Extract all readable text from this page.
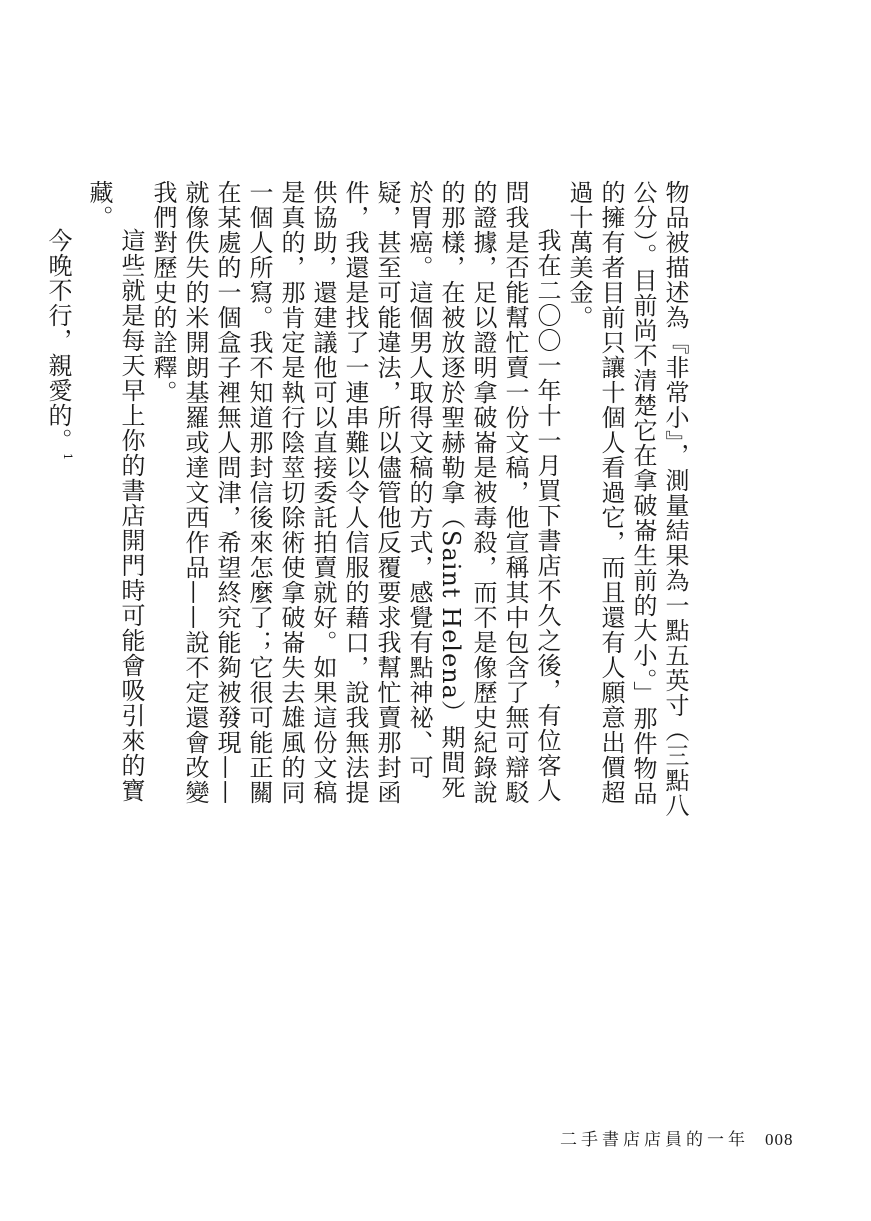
物品被描述為『非常小』，測量結果為一點五英寸（三點八公分）。目前尚不清楚它在拿破崙生前的大小。」那件物品的擁有者目前只讓十個人看過它，而且還有人願意出價超過十萬美金。

我在二〇〇一年十一月買下書店不久之後，有位客人問我是否能幫忙賣一份文稿，他宣稱其中包含了無可辯駁的證據，足以證明拿破崙是被毒殺，而不是像歷史紀錄說的那樣，在被放逐於聖赫勒拿（Saint Helena）期間死於胃癌。這個男人取得文稿的方式，感覺有點神祕、可疑，甚至可能違法，所以儘管他反覆要求我幫忙賣那封函件，我還是找了一連串難以令人信服的藉口，說我無法提供協助，還建議他可以直接委託拍賣就好。如果這份文稿是真的，那肯定是執行陰莖切除術使拿破崙失去雄風的同一個人所寫。我不知道那封信後來怎麼了；它很可能正關在某處的一個盒子裡無人問津，希望終究能夠被發現——就像佚失的米開朗基羅或達文西作品——說不定還會改變我們對歷史的詮釋。

這些就是每天早上你的書店開門時可能會吸引來的寶藏。

今晚不行，親愛的。$^1$

二手書店店員的一年 008
